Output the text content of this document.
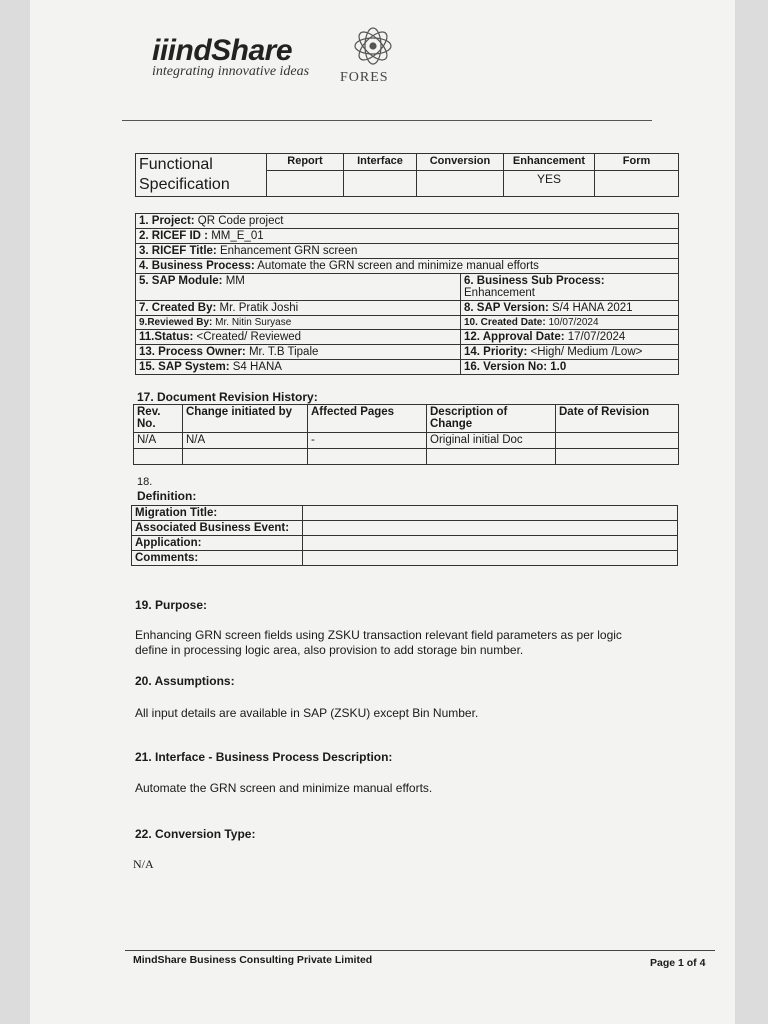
iiindShare
integrating innovative ideas FORES
Functional
Specification	Report	Interface	Conversion	Enhancement	Form
				YES	
1. Project: QR Code project	
2. RICEF ID : MM_E_01	
3. RICEF Title: Enhancement GRN screen	
4. Business Process: Automate the GRN screen and minimize manual efforts	
5. SAP Module: MM	6. Business Sub Process:
Enhancement
7. Created By: Mr. Pratik Joshi	8. SAP Version: S/4 HANA 2021
9.Reviewed By: Mr. Nitin Suryase	10. Created Date: 10/07/2024
11.Status: <Created/ Reviewed	12. Approval Date: 17/07/2024
13. Process Owner: Mr. T.B Tipale	14. Priority: <High/ Medium /Low>
15. SAP System: S4 HANA	16. Version No: 1.0
17. Document Revision History:
Rev. No.	Change initiated by	Affected Pages	Description of Change	Date of Revision
N/A	N/A	-	Original initial Doc	

18.
Definition:
Migration Title:	
Associated Business Event:	
Application:	
Comments:	
19. Purpose:
Enhancing GRN screen fields using ZSKU transaction relevant field parameters as per logic define in processing logic area, also provision to add storage bin number.
20. Assumptions:
All input details are available in SAP (ZSKU) except Bin Number.
21. Interface - Business Process Description:
Automate the GRN screen and minimize manual efforts.
22. Conversion Type:
N/A
MindShare Business Consulting Private Limited	Page 1 of 4
